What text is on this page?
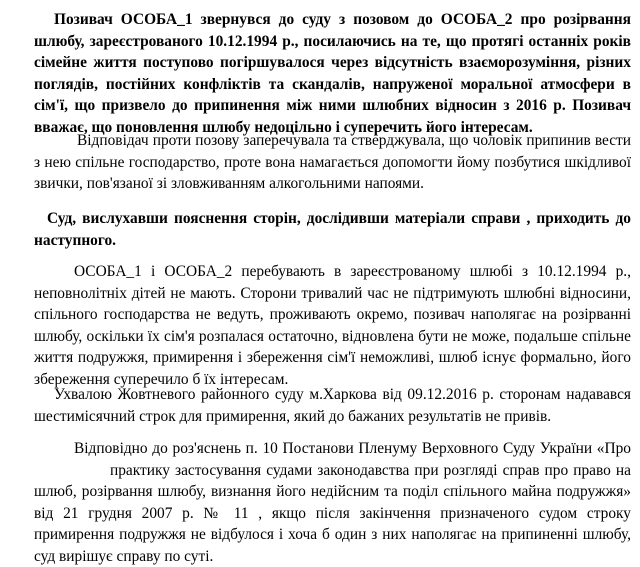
Позивач ОСОБА_1 звернувся до суду з позовом до ОСОБА_2 про розірвання шлюбу, зареєстрованого 10.12.1994 р., посилаючись на те, що протягі останніх років сімейне життя поступово погіршувалося через відсутність взаєморозуміння, різних поглядів, постійних конфліктів та скандалів, напруженої моральної атмосфери в сім'ї, що призвело до припинення між ними шлюбних відносин з 2016 р. Позивач вважає, що поновлення шлюбу недоцільно і суперечить його інтересам.

Відповідач проти позову заперечувала та стверджувала, що чоловік припинив вести з нею спільне господарство, проте вона намагається допомогти йому позбутися шкідливої звички, пов'язаної зі зловживанням алкогольними напоями.

Суд, вислухавши пояснення сторін, дослідивши матеріали справи , приходить до наступного.

ОСОБА_1 і ОСОБА_2 перебувають в зареєстрованому шлюбі з 10.12.1994 р., неповнолітніх дітей не мають. Сторони тривалий час не підтримують шлюбні відносини, спільного господарства не ведуть, проживають окремо, позивач наполягає на розірванні шлюбу, оскільки їх сім'я розпалася остаточно, відновлена бути не може, подальше спільне життя подружжя, примирення і збереження сім'ї неможливі, шлюб існує формально, його збереження суперечило б їх інтересам.

Ухвалою Жовтневого районного суду м.Харкова від 09.12.2016 р. сторонам надавався шестимісячний строк для примирення, який до бажаних результатів не привів.

Відповідно до роз'яснень п. 10 Постанови Пленуму Верховного Суду України «Пропрактику застосування судами законодавства при розгляді справ про право на шлюб, розірвання шлюбу, визнання його недійсним та поділ спільного майна подружжя» від 21 грудня 2007 р. № 11 , якщо після закінчення призначеного судом строку примирення подружжя не відбулося і хоча б один з них наполягає на припиненні шлюбу, суд вирішує справу по суті.
